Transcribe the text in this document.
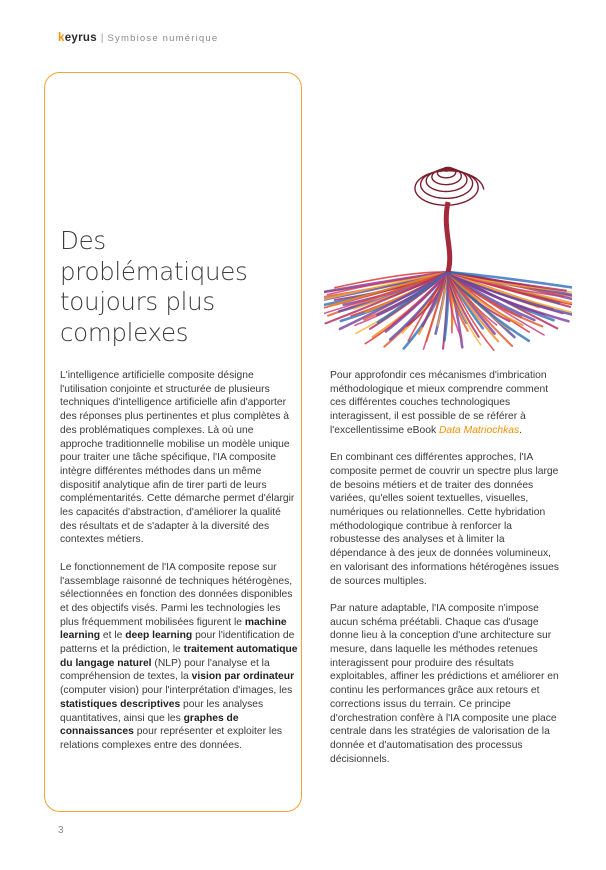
keyrus | Symbiose numérique
Des
problématiques
toujours plus
complexes

L'intelligence artificielle composite désigne l'utilisation conjointe et structurée de plusieurs techniques d'intelligence artificielle afin d'apporter des réponses plus pertinentes et plus complètes à des problématiques complexes. Là où une approche traditionnelle mobilise un modèle unique pour traiter une tâche spécifique, l'IA composite intègre différentes méthodes dans un même dispositif analytique afin de tirer parti de leurs complémentarités. Cette démarche permet d'élargir les capacités d'abstraction, d'améliorer la qualité des résultats et de s'adapter à la diversité des contextes métiers.

Le fonctionnement de l'IA composite repose sur l'assemblage raisonné de techniques hétérogènes, sélectionnées en fonction des données disponibles et des objectifs visés. Parmi les technologies les plus fréquemment mobilisées figurent le machine learning et le deep learning pour l'identification de patterns et la prédiction, le traitement automatique du langage naturel (NLP) pour l'analyse et la compréhension de textes, la vision par ordinateur (computer vision) pour l'interprétation d'images, les statistiques descriptives pour les analyses quantitatives, ainsi que les graphes de connaissances pour représenter et exploiter les relations complexes entre des données.

Pour approfondir ces mécanismes d'imbrication méthodologique et mieux comprendre comment ces différentes couches technologiques interagissent, il est possible de se référer à l'excellentissime eBook Data Matriochkas.

En combinant ces différentes approches, l'IA composite permet de couvrir un spectre plus large de besoins métiers et de traiter des données variées, qu'elles soient textuelles, visuelles, numériques ou relationnelles. Cette hybridation méthodologique contribue à renforcer la robustesse des analyses et à limiter la dépendance à des jeux de données volumineux, en valorisant des informations hétérogènes issues de sources multiples.

Par nature adaptable, l'IA composite n'impose aucun schéma préétabli. Chaque cas d'usage donne lieu à la conception d'une architecture sur mesure, dans laquelle les méthodes retenues interagissent pour produire des résultats exploitables, affiner les prédictions et améliorer en continu les performances grâce aux retours et corrections issus du terrain. Ce principe d'orchestration confère à l'IA composite une place centrale dans les stratégies de valorisation de la donnée et d'automatisation des processus décisionnels.

3
